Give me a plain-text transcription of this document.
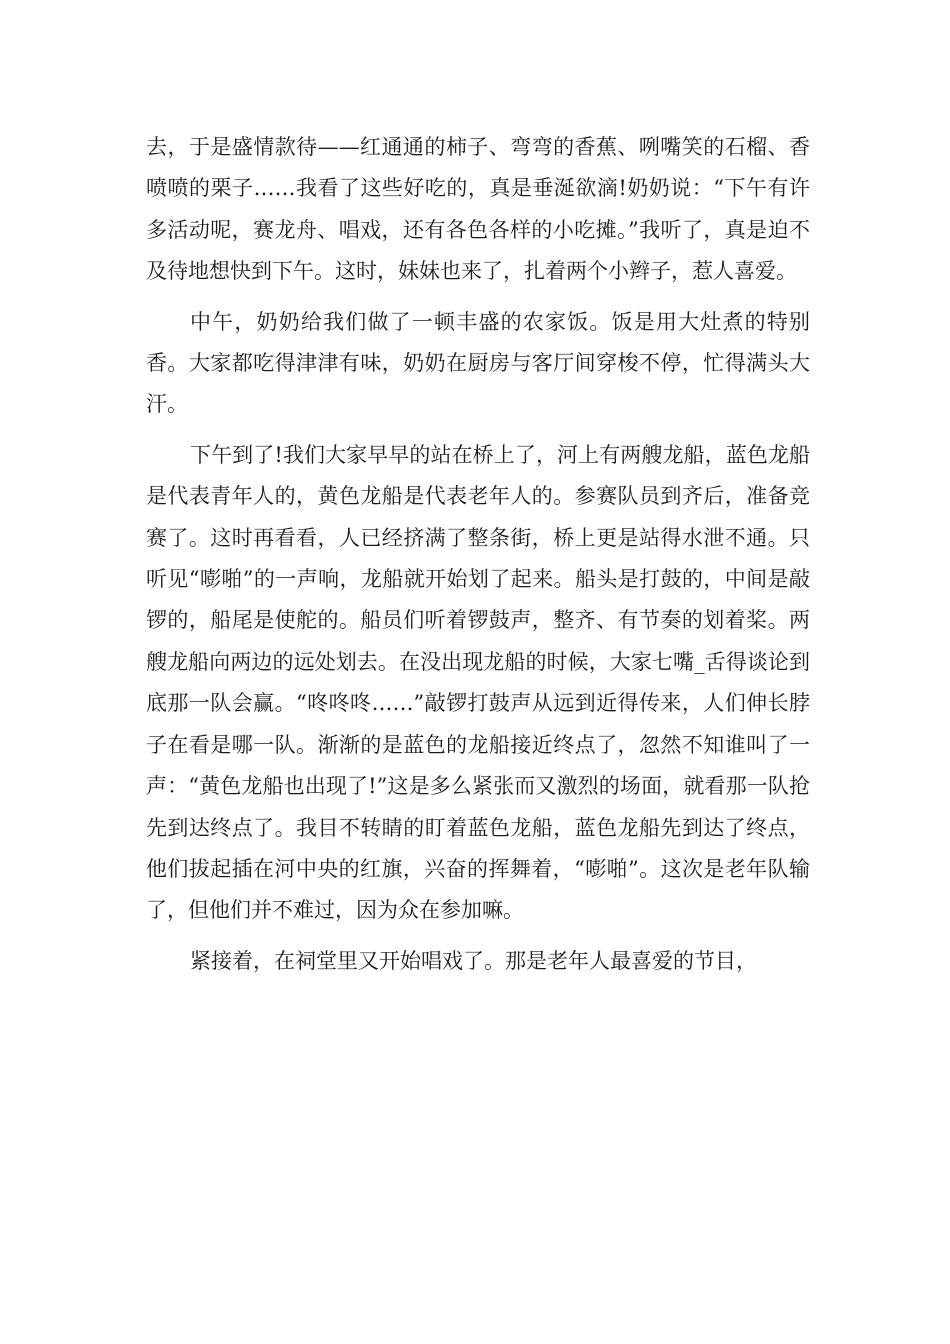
去，于是盛情款待——红通通的柿子、弯弯的香蕉、咧嘴笑的石榴、香喷喷的栗子……我看了这些好吃的，真是垂涎欲滴!奶奶说：“下午有许多活动呢，赛龙舟、唱戏，还有各色各样的小吃摊。”我听了，真是迫不及待地想快到下午。这时，妹妹也来了，扎着两个小辫子，惹人喜爱。

中午，奶奶给我们做了一顿丰盛的农家饭。饭是用大灶煮的特别香。大家都吃得津津有味，奶奶在厨房与客厅间穿梭不停，忙得满头大汗。

下午到了!我们大家早早的站在桥上了，河上有两艘龙船，蓝色龙船是代表青年人的，黄色龙船是代表老年人的。参赛队员到齐后，准备竞赛了。这时再看看，人已经挤满了整条街，桥上更是站得水泄不通。只听见“嘭啪”的一声响，龙船就开始划了起来。船头是打鼓的，中间是敲锣的，船尾是使舵的。船员们听着锣鼓声，整齐、有节奏的划着桨。两艘龙船向两边的远处划去。在没出现龙船的时候，大家七嘴_舌得谈论到底那一队会赢。“咚咚咚……”敲锣打鼓声从远到近得传来，人们伸长脖子在看是哪一队。渐渐的是蓝色的龙船接近终点了，忽然不知谁叫了一声：“黄色龙船也出现了!”这是多么紧张而又激烈的场面，就看那一队抢先到达终点了。我目不转睛的盯着蓝色龙船，蓝色龙船先到达了终点，他们拔起插在河中央的红旗，兴奋的挥舞着，“嘭啪”。这次是老年队输了，但他们并不难过，因为众在参加嘛。

紧接着，在祠堂里又开始唱戏了。那是老年人最喜爱的节目，
